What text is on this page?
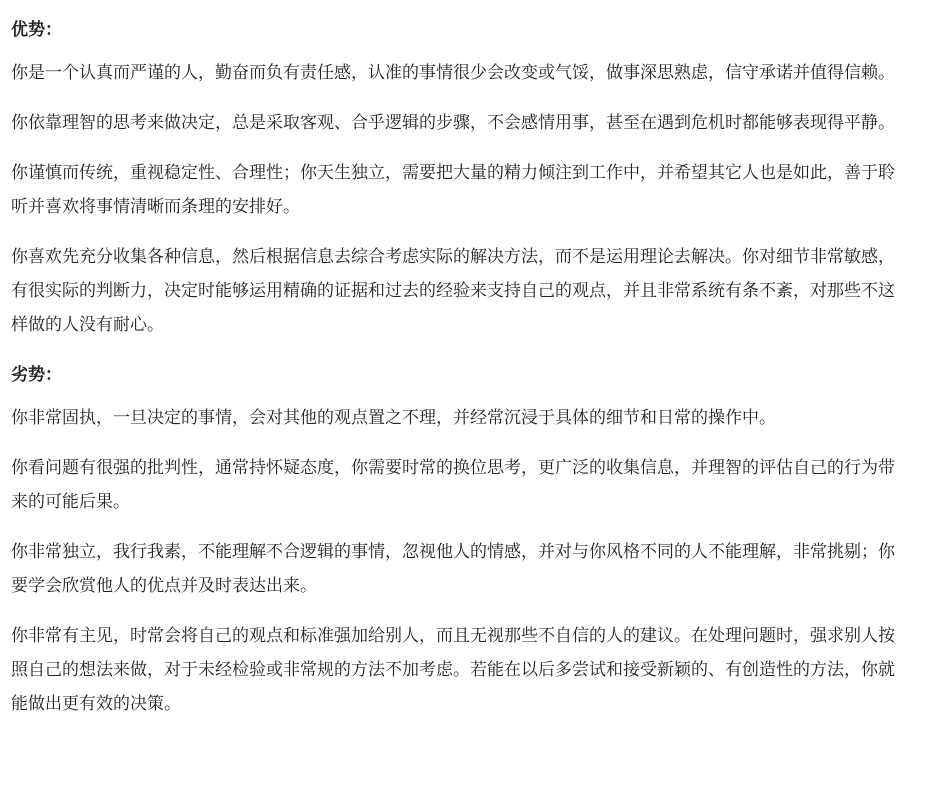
优势：

你是一个认真而严谨的人，勤奋而负有责任感，认准的事情很少会改变或气馁，做事深思熟虑，信守承诺并值得信赖。

你依靠理智的思考来做决定，总是采取客观、合乎逻辑的步骤，不会感情用事，甚至在遇到危机时都能够表现得平静。

你谨慎而传统，重视稳定性、合理性；你天生独立，需要把大量的精力倾注到工作中，并希望其它人也是如此，善于聆听并喜欢将事情清晰而条理的安排好。

你喜欢先充分收集各种信息，然后根据信息去综合考虑实际的解决方法，而不是运用理论去解决。你对细节非常敏感，有很实际的判断力，决定时能够运用精确的证据和过去的经验来支持自己的观点，并且非常系统有条不紊，对那些不这样做的人没有耐心。

劣势：

你非常固执，一旦决定的事情，会对其他的观点置之不理，并经常沉浸于具体的细节和日常的操作中。

你看问题有很强的批判性，通常持怀疑态度，你需要时常的换位思考，更广泛的收集信息，并理智的评估自己的行为带来的可能后果。

你非常独立，我行我素，不能理解不合逻辑的事情，忽视他人的情感，并对与你风格不同的人不能理解，非常挑剔；你要学会欣赏他人的优点并及时表达出来。

你非常有主见，时常会将自己的观点和标准强加给别人，而且无视那些不自信的人的建议。在处理问题时，强求别人按照自己的想法来做，对于未经检验或非常规的方法不加考虑。若能在以后多尝试和接受新颖的、有创造性的方法，你就能做出更有效的决策。
